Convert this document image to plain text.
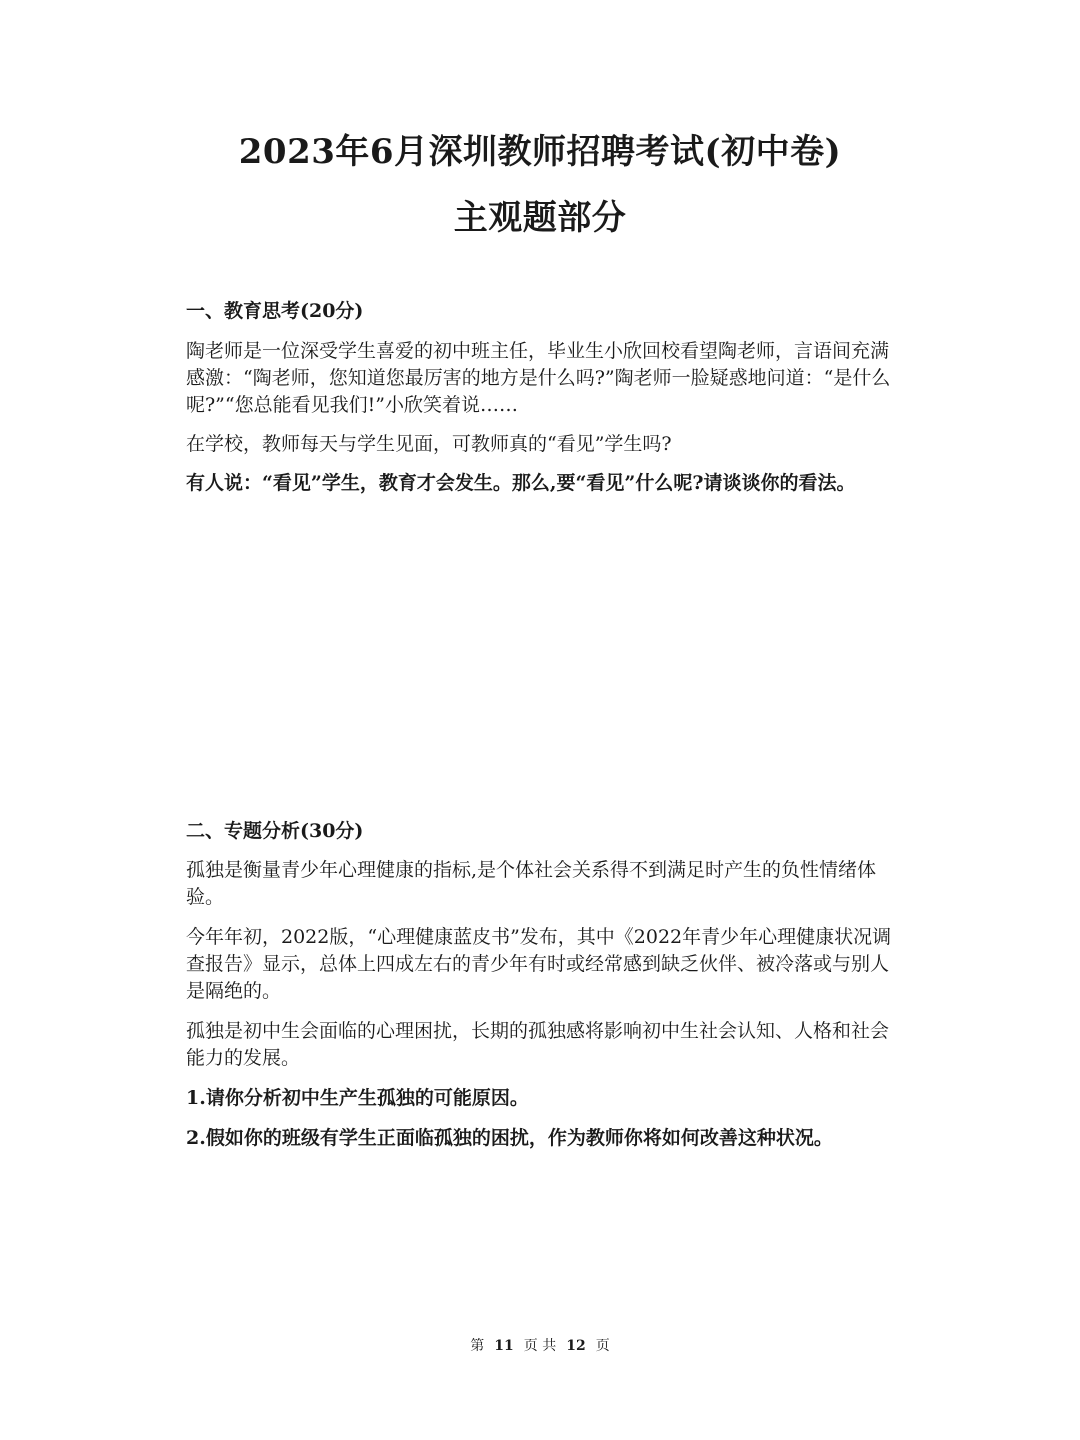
2023年6月深圳教师招聘考试(初中卷)
主观题部分
一、教育思考(20分)

陶老师是一位深受学生喜爱的初中班主任，毕业生小欣回校看望陶老师，言语间充满感激：“陶老师，您知道您最厉害的地方是什么吗?”陶老师一脸疑惑地问道：“是什么呢?”“您总能看见我们!”小欣笑着说……

在学校，教师每天与学生见面，可教师真的“看见”学生吗?

有人说：“看见”学生，教育才会发生。那么,要“看见”什么呢?请谈谈你的看法。

二、专题分析(30分)

孤独是衡量青少年心理健康的指标,是个体社会关系得不到满足时产生的负性情绪体验。

今年年初，2022版，“心理健康蓝皮书”发布，其中《2022年青少年心理健康状况调查报告》显示，总体上四成左右的青少年有时或经常感到缺乏伙伴、被冷落或与别人是隔绝的。

孤独是初中生会面临的心理困扰，长期的孤独感将影响初中生社会认知、人格和社会能力的发展。

1.请你分析初中生产生孤独的可能原因。

2.假如你的班级有学生正面临孤独的困扰，作为教师你将如何改善这种状况。

第 11 页 共 12 页
